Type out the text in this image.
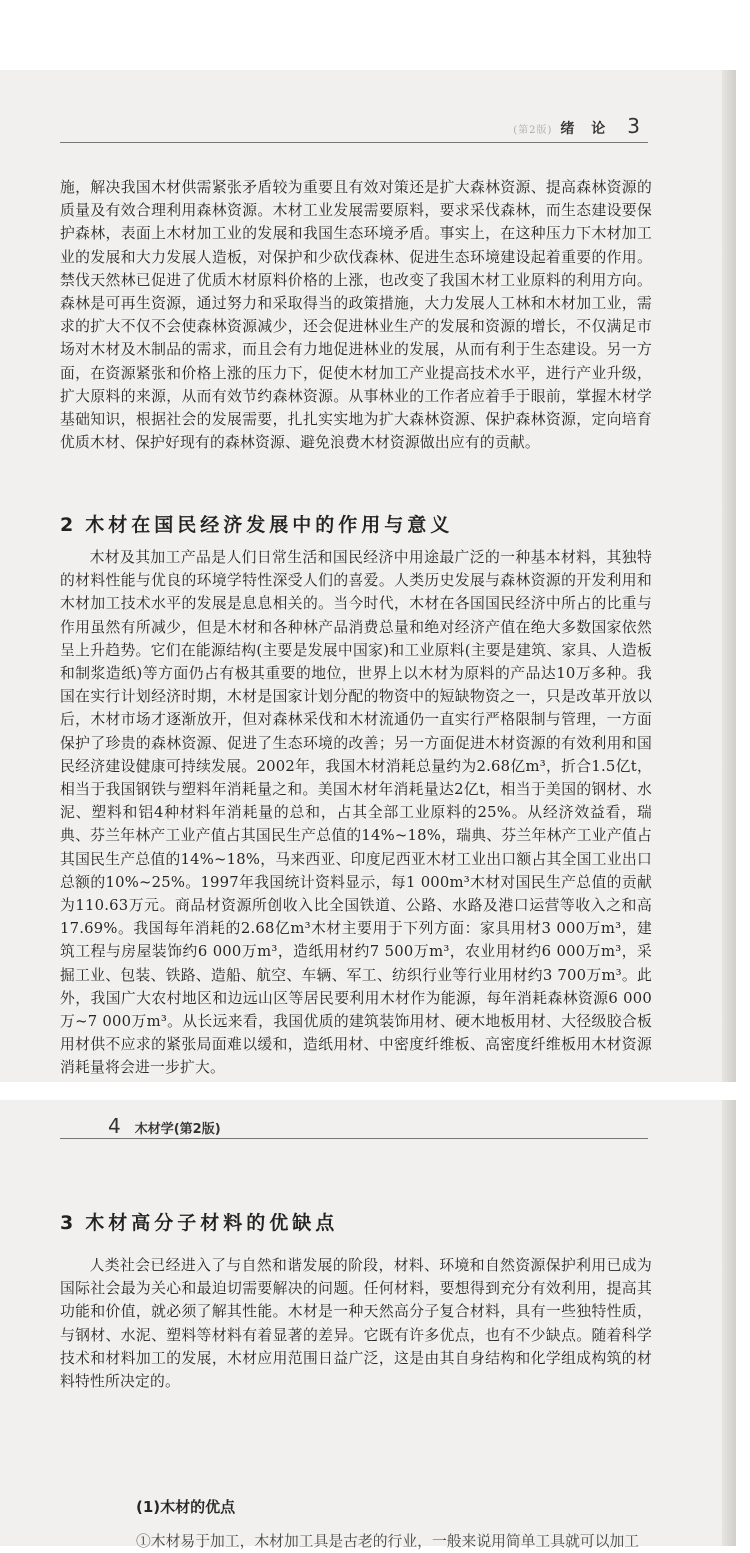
(第2版) 绪 论 3

施，解决我国木材供需紧张矛盾较为重要且有效对策还是扩大森林资源、提高森林资源的质量及有效合理利用森林资源。木材工业发展需要原料，要求采伐森林，而生态建设要保护森林，表面上木材加工业的发展和我国生态环境矛盾。事实上，在这种压力下木材加工业的发展和大力发展人造板，对保护和少砍伐森林、促进生态环境建设起着重要的作用。禁伐天然林已促进了优质木材原料价格的上涨，也改变了我国木材工业原料的利用方向。森林是可再生资源，通过努力和采取得当的政策措施，大力发展人工林和木材加工业，需求的扩大不仅不会使森林资源减少，还会促进林业生产的发展和资源的增长，不仅满足市场对木材及木制品的需求，而且会有力地促进林业的发展，从而有利于生态建设。另一方面，在资源紧张和价格上涨的压力下，促使木材加工产业提高技术水平，进行产业升级，扩大原料的来源，从而有效节约森林资源。从事林业的工作者应着手于眼前，掌握木材学基础知识，根据社会的发展需要，扎扎实实地为扩大森林资源、保护森林资源，定向培育优质木材、保护好现有的森林资源、避免浪费木材资源做出应有的贡献。

2 木材在国民经济发展中的作用与意义

木材及其加工产品是人们日常生活和国民经济中用途最广泛的一种基本材料，其独特的材料性能与优良的环境学特性深受人们的喜爱。人类历史发展与森林资源的开发利用和木材加工技术水平的发展是息息相关的。当今时代，木材在各国国民经济中所占的比重与作用虽然有所减少，但是木材和各种林产品消费总量和绝对经济产值在绝大多数国家依然呈上升趋势。它们在能源结构(主要是发展中国家)和工业原料(主要是建筑、家具、人造板和制浆造纸)等方面仍占有极其重要的地位，世界上以木材为原料的产品达10万多种。我国在实行计划经济时期，木材是国家计划分配的物资中的短缺物资之一，只是改革开放以后，木材市场才逐渐放开，但对森林采伐和木材流通仍一直实行严格限制与管理，一方面保护了珍贵的森林资源、促进了生态环境的改善；另一方面促进木材资源的有效利用和国民经济建设健康可持续发展。2002年，我国木材消耗总量约为2.68亿m³，折合1.5亿t，相当于我国钢铁与塑料年消耗量之和。美国木材年消耗量达2亿t，相当于美国的钢材、水泥、塑料和铝4种材料年消耗量的总和，占其全部工业原料的25%。从经济效益看，瑞典、芬兰年林产工业产值占其国民生产总值的14%~18%，瑞典、芬兰年林产工业产值占其国民生产总值的14%~18%，马来西亚、印度尼西亚木材工业出口额占其全国工业出口总额的10%~25%。1997年我国统计资料显示，每1 000m³木材对国民生产总值的贡献为110.63万元。商品材资源所创收入比全国铁道、公路、水路及港口运营等收入之和高17.69%。我国每年消耗的2.68亿m³木材主要用于下列方面：家具用材3 000万m³，建筑工程与房屋装饰约6 000万m³，造纸用材约7 500万m³，农业用材约6 000万m³，采掘工业、包装、铁路、造船、航空、车辆、军工、纺织行业等行业用材约3 700万m³。此外，我国广大农村地区和边远山区等居民要利用木材作为能源，每年消耗森林资源6 000万~7 000万m³。从长远来看，我国优质的建筑装饰用材、硬木地板用材、大径级胶合板用材供不应求的紧张局面难以缓和，造纸用材、中密度纤维板、高密度纤维板用木材资源消耗量将会进一步扩大。

4 木材学(第2版)
3 木材高分子材料的优缺点

人类社会已经进入了与自然和谐发展的阶段，材料、环境和自然资源保护利用已成为国际社会最为关心和最迫切需要解决的问题。任何材料，要想得到充分有效利用，提高其功能和价值，就必须了解其性能。木材是一种天然高分子复合材料，具有一些独特性质，与钢材、水泥、塑料等材料有着显著的差异。它既有许多优点，也有不少缺点。随着科学技术和材料加工的发展，木材应用范围日益广泛，这是由其自身结构和化学组成构筑的材料特性所决定的。

(1)木材的优点

①木材易于加工，木材加工具是古老的行业，一般来说用简单工具就可以加工
